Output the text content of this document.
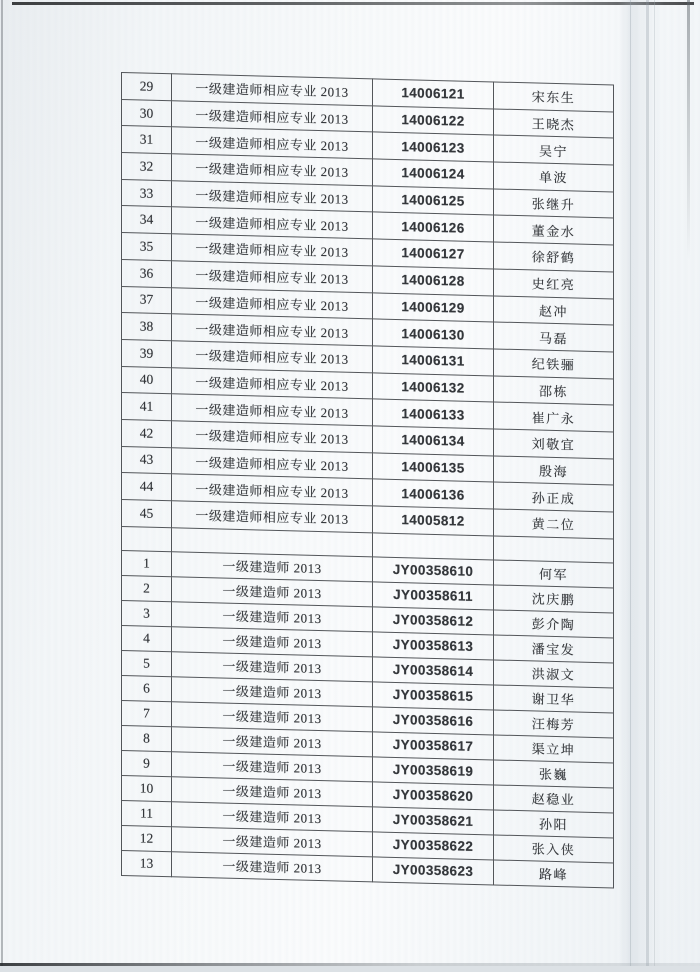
29	一级建造师相应专业 2013	14006121	宋东生
30	一级建造师相应专业 2013	14006122	王晓杰
31	一级建造师相应专业 2013	14006123	吴宁
32	一级建造师相应专业 2013	14006124	单波
33	一级建造师相应专业 2013	14006125	张继升
34	一级建造师相应专业 2013	14006126	董金水
35	一级建造师相应专业 2013	14006127	徐舒鹤
36	一级建造师相应专业 2013	14006128	史红亮
37	一级建造师相应专业 2013	14006129	赵冲
38	一级建造师相应专业 2013	14006130	马磊
39	一级建造师相应专业 2013	14006131	纪铁骊
40	一级建造师相应专业 2013	14006132	邵栋
41	一级建造师相应专业 2013	14006133	崔广永
42	一级建造师相应专业 2013	14006134	刘敬宜
43	一级建造师相应专业 2013	14006135	殷海
44	一级建造师相应专业 2013	14006136	孙正成
45	一级建造师相应专业 2013	14005812	黄二位

1	一级建造师 2013	JY00358610	何军
2	一级建造师 2013	JY00358611	沈庆鹏
3	一级建造师 2013	JY00358612	彭介陶
4	一级建造师 2013	JY00358613	潘宝发
5	一级建造师 2013	JY00358614	洪淑文
6	一级建造师 2013	JY00358615	谢卫华
7	一级建造师 2013	JY00358616	汪梅芳
8	一级建造师 2013	JY00358617	渠立坤
9	一级建造师 2013	JY00358619	张巍
10	一级建造师 2013	JY00358620	赵稳业
11	一级建造师 2013	JY00358621	孙阳
12	一级建造师 2013	JY00358622	张入侠
13	一级建造师 2013	JY00358623	路峰
